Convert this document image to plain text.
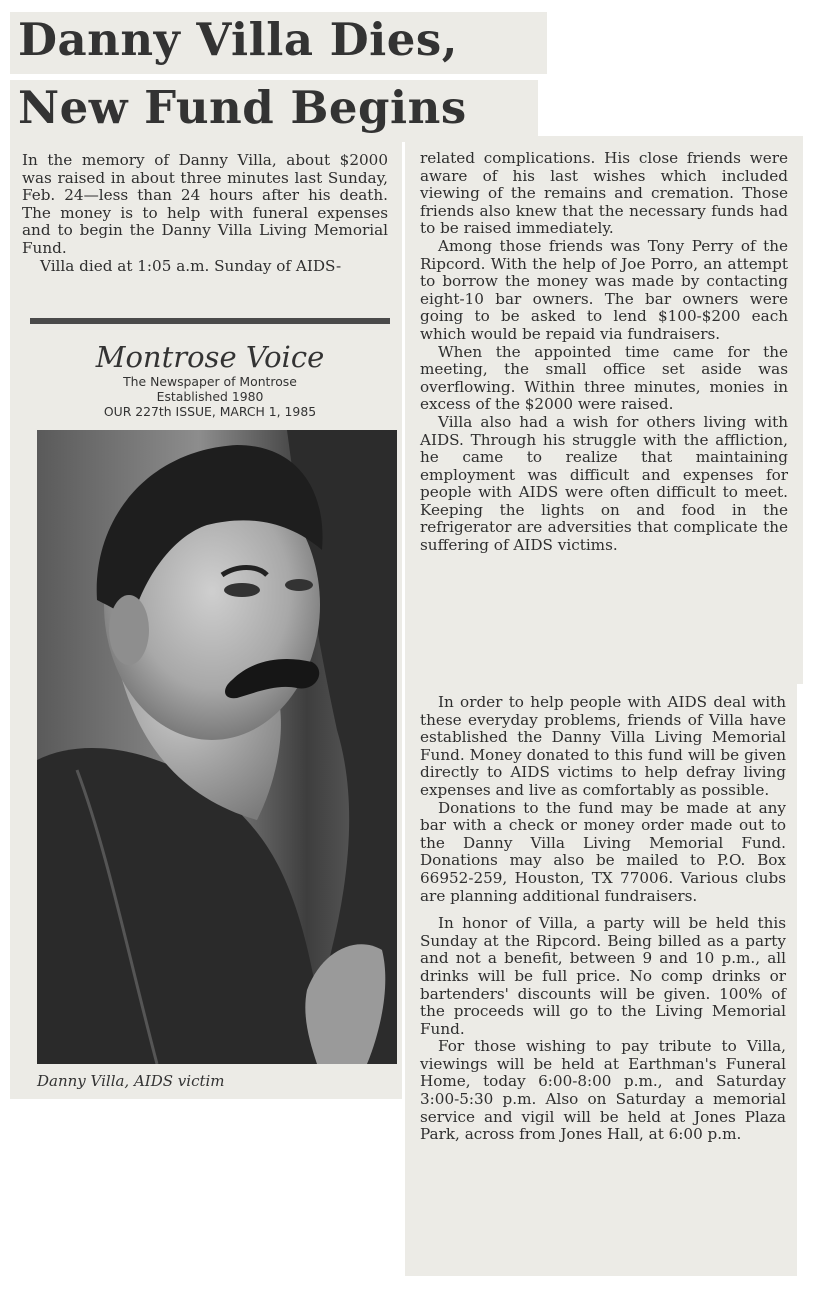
Danny Villa Dies,
New Fund Begins

In the memory of Danny Villa, about $2000 was raised in about three minutes last Sunday, Feb. 24—less than 24 hours after his death. The money is to help with funeral expenses and to begin the Danny Villa Living Memorial Fund.

Villa died at 1:05 a.m. Sunday of AIDS-

Montrose Voice
The Newspaper of Montrose
Established 1980
OUR 227th ISSUE, MARCH 1, 1985
Danny Villa, AIDS victim

related complications. His close friends were aware of his last wishes which included viewing of the remains and cremation. Those friends also knew that the necessary funds had to be raised immediately.

Among those friends was Tony Perry of the Ripcord. With the help of Joe Porro, an attempt to borrow the money was made by contacting eight-10 bar owners. The bar owners were going to be asked to lend $100-$200 each which would be repaid via fundraisers.

When the appointed time came for the meeting, the small office set aside was overflowing. Within three minutes, monies in excess of the $2000 were raised.

Villa also had a wish for others living with AIDS. Through his struggle with the affliction, he came to realize that maintaining employment was difficult and expenses for people with AIDS were often difficult to meet. Keeping the lights on and food in the refrigerator are adversities that complicate the suffering of AIDS victims.

In order to help people with AIDS deal with these everyday problems, friends of Villa have established the Danny Villa Living Memorial Fund. Money donated to this fund will be given directly to AIDS victims to help defray living expenses and live as comfortably as possible.

Donations to the fund may be made at any bar with a check or money order made out to the Danny Villa Living Memorial Fund. Donations may also be mailed to P.O. Box 66952-259, Houston, TX 77006. Various clubs are planning additional fundraisers.

In honor of Villa, a party will be held this Sunday at the Ripcord. Being billed as a party and not a benefit, between 9 and 10 p.m., all drinks will be full price. No comp drinks or bartenders' discounts will be given. 100% of the proceeds will go to the Living Memorial Fund.

For those wishing to pay tribute to Villa, viewings will be held at Earthman's Funeral Home, today 6:00-8:00 p.m., and Saturday 3:00-5:30 p.m. Also on Saturday a memorial service and vigil will be held at Jones Plaza Park, across from Jones Hall, at 6:00 p.m.
